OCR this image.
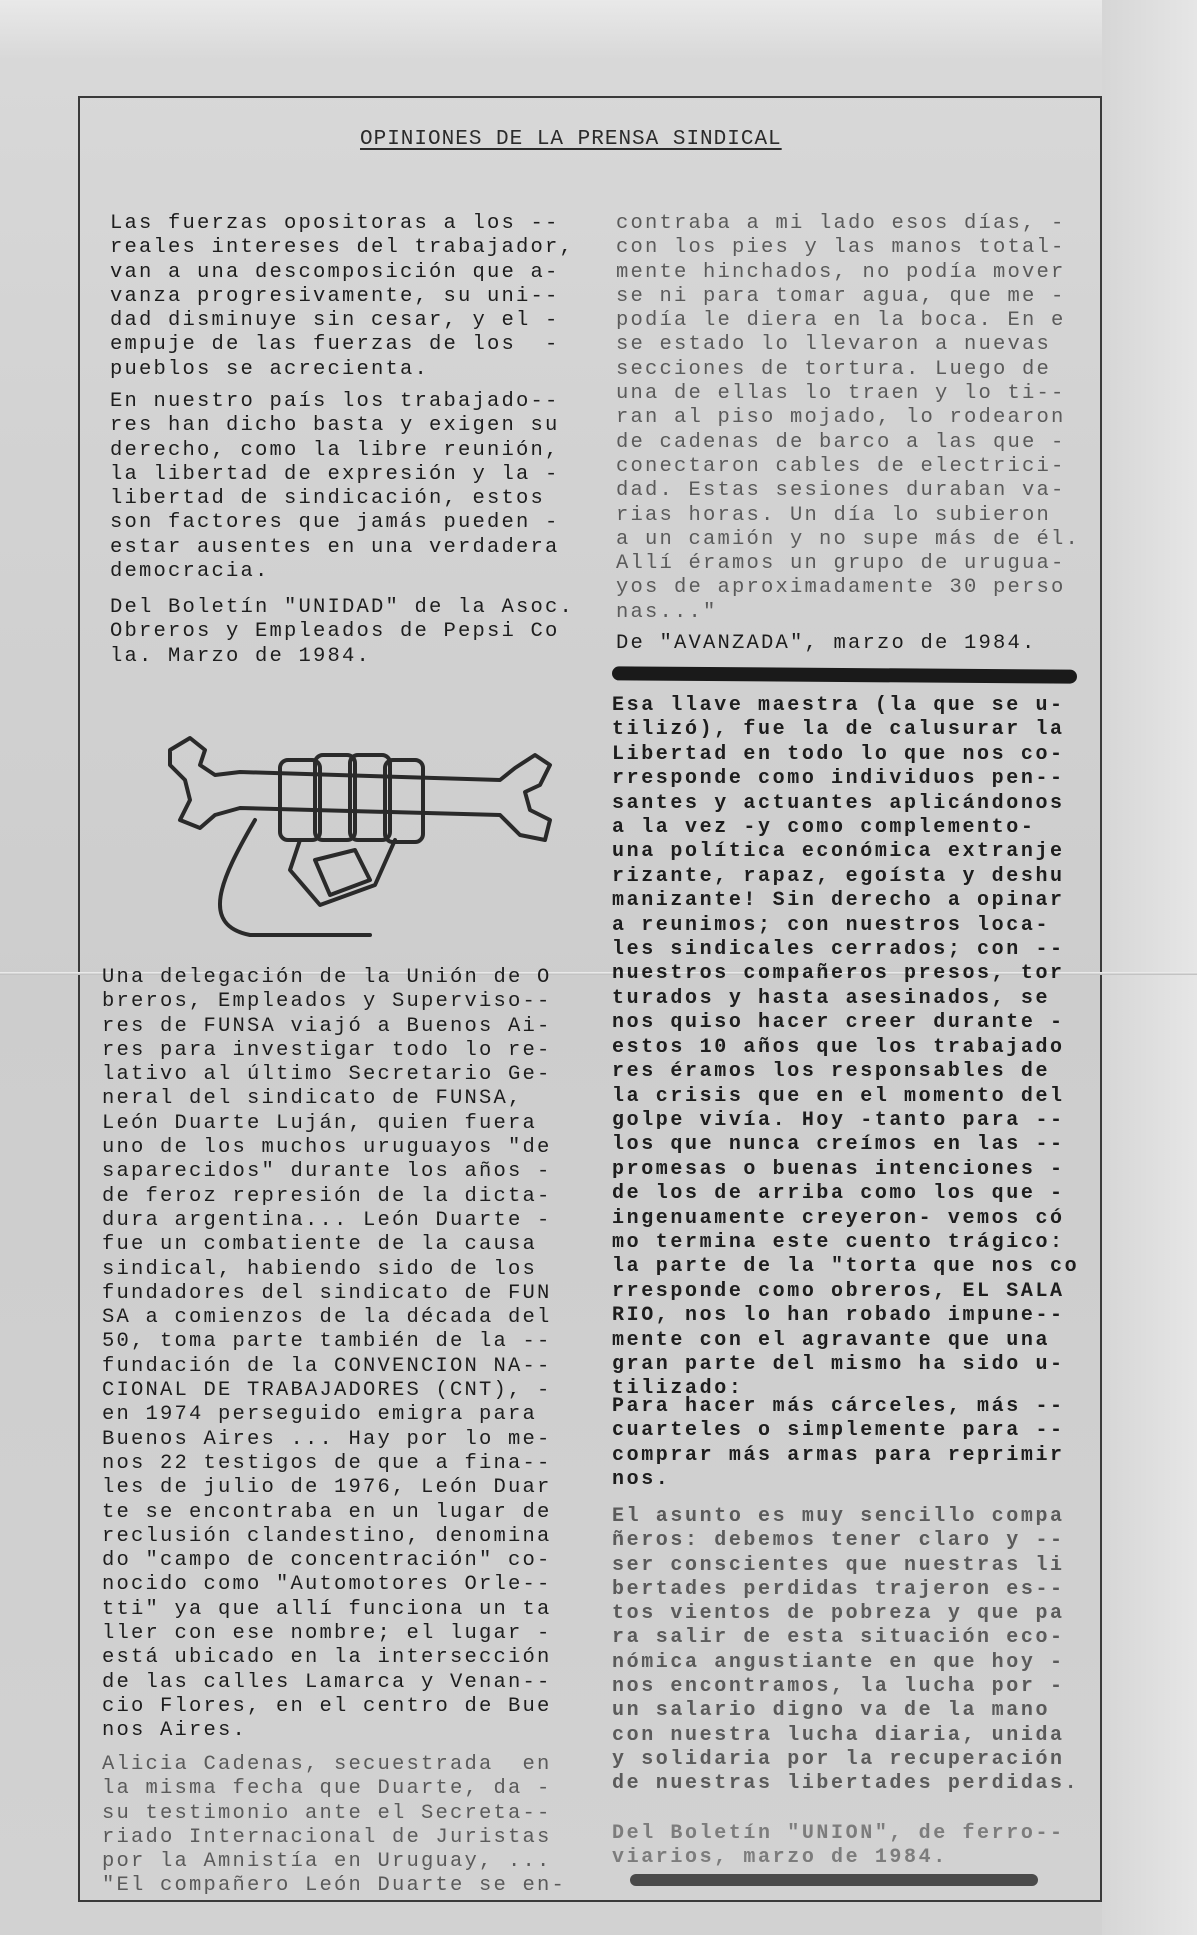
OPINIONES DE LA PRENSA SINDICAL
Las fuerzas opositoras a los --
reales intereses del trabajador,
van a una descomposición que a-
vanza progresivamente, su uni--
dad disminuye sin cesar, y el -
empuje de las fuerzas de los  -
pueblos se acrecienta.
En nuestro país los trabajado--
res han dicho basta y exigen su
derecho, como la libre reunión,
la libertad de expresión y la -
libertad de sindicación, estos
son factores que jamás pueden -
estar ausentes en una verdadera
democracia.
Del Boletín "UNIDAD" de la Asoc.
Obreros y Empleados de Pepsi Co
la. Marzo de 1984.
Una delegación de la Unión de O
breros, Empleados y Superviso--
res de FUNSA viajó a Buenos Ai-
res para investigar todo lo re-
lativo al último Secretario Ge-
neral del sindicato de FUNSA,
León Duarte Luján, quien fuera
uno de los muchos uruguayos "de
saparecidos" durante los años -
de feroz represión de la dicta-
dura argentina... León Duarte -
fue un combatiente de la causa
sindical, habiendo sido de los
fundadores del sindicato de FUN
SA a comienzos de la década del
50, toma parte también de la --
fundación de la CONVENCION NA--
CIONAL DE TRABAJADORES (CNT), -
en 1974 perseguido emigra para
Buenos Aires ... Hay por lo me-
nos 22 testigos de que a fina--
les de julio de 1976, León Duar
te se encontraba en un lugar de
reclusión clandestino, denomina
do "campo de concentración" co-
nocido como "Automotores Orle--
tti" ya que allí funciona un ta
ller con ese nombre; el lugar -
está ubicado en la intersección
de las calles Lamarca y Venan--
cio Flores, en el centro de Bue
nos Aires.
Alicia Cadenas, secuestrada  en
la misma fecha que Duarte, da -
su testimonio ante el Secreta--
riado Internacional de Juristas
por la Amnistía en Uruguay, ...
"El compañero León Duarte se en-
contraba a mi lado esos días, -
con los pies y las manos total-
mente hinchados, no podía mover
se ni para tomar agua, que me -
podía le diera en la boca. En e
se estado lo llevaron a nuevas
secciones de tortura. Luego de
una de ellas lo traen y lo ti--
ran al piso mojado, lo rodearon
de cadenas de barco a las que -
conectaron cables de electrici-
dad. Estas sesiones duraban va-
rias horas. Un día lo subieron
a un camión y no supe más de él.
Allí éramos un grupo de urugua-
yos de aproximadamente 30 perso
nas..."
De "AVANZADA", marzo de 1984.
Esa llave maestra (la que se u-
tilizó), fue la de calusurar la
Libertad en todo lo que nos co-
rresponde como individuos pen--
santes y actuantes aplicándonos
a la vez -y como complemento-
una política económica extranje
rizante, rapaz, egoísta y deshu
manizante! Sin derecho a opinar
a reunimos; con nuestros loca-
les sindicales cerrados; con --
nuestros compañeros presos, tor
turados y hasta asesinados, se
nos quiso hacer creer durante -
estos 10 años que los trabajado
res éramos los responsables de
la crisis que en el momento del
golpe vivía. Hoy -tanto para --
los que nunca creímos en las --
promesas o buenas intenciones -
de los de arriba como los que -
ingenuamente creyeron- vemos có
mo termina este cuento trágico:
la parte de la "torta que nos co
rresponde como obreros, EL SALA
RIO, nos lo han robado impune--
mente con el agravante que una
gran parte del mismo ha sido u-
tilizado:
Para hacer más cárceles, más --
cuarteles o simplemente para --
comprar más armas para reprimir
nos.
El asunto es muy sencillo compa
ñeros: debemos tener claro y --
ser conscientes que nuestras li
bertades perdidas trajeron es--
tos vientos de pobreza y que pa
ra salir de esta situación eco-
nómica angustiante en que hoy -
nos encontramos, la lucha por -
un salario digno va de la mano
con nuestra lucha diaria, unida
y solidaria por la recuperación
de nuestras libertades perdidas.
Del Boletín "UNION", de ferro--
viarios, marzo de 1984.
